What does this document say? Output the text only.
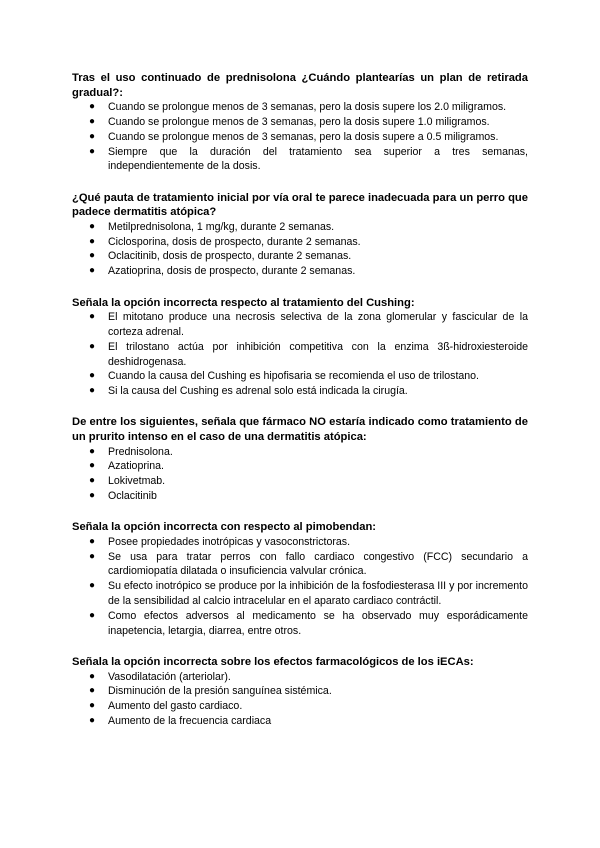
Tras el uso continuado de prednisolona ¿Cuándo plantearías un plan de retirada gradual?:

● Cuando se prolongue menos de 3 semanas, pero la dosis supere los 2.0 miligramos.
● Cuando se prolongue menos de 3 semanas, pero la dosis supere 1.0 miligramos.
● Cuando se prolongue menos de 3 semanas, pero la dosis supere a 0.5 miligramos.
● Siempre que la duración del tratamiento sea superior a tres semanas, independientemente de la dosis.

¿Qué pauta de tratamiento inicial por vía oral te parece inadecuada para un perro que padece dermatitis atópica?

● Metilprednisolona, 1 mg/kg, durante 2 semanas.
● Ciclosporina, dosis de prospecto, durante 2 semanas.
● Oclacitinib, dosis de prospecto, durante 2 semanas.
● Azatioprina, dosis de prospecto, durante 2 semanas.

Señala la opción incorrecta respecto al tratamiento del Cushing:

● El mitotano produce una necrosis selectiva de la zona glomerular y fascicular de la corteza adrenal.
● El trilostano actúa por inhibición competitiva con la enzima 3ß-hidroxiesteroide deshidrogenasa.
● Cuando la causa del Cushing es hipofisaria se recomienda el uso de trilostano.
● Si la causa del Cushing es adrenal solo está indicada la cirugía.

De entre los siguientes, señala que fármaco NO estaría indicado como tratamiento de un prurito intenso en el caso de una dermatitis atópica:

● Prednisolona.
● Azatioprina.
● Lokivetmab.
● Oclacitinib

Señala la opción incorrecta con respecto al pimobendan:

● Posee propiedades inotrópicas y vasoconstrictoras.
● Se usa para tratar perros con fallo cardiaco congestivo (FCC) secundario a cardiomiopatía dilatada o insuficiencia valvular crónica.
● Su efecto inotrópico se produce por la inhibición de la fosfodiesterasa III y por incremento de la sensibilidad al calcio intracelular en el aparato cardiaco contráctil.
● Como efectos adversos al medicamento se ha observado muy esporádicamente inapetencia, letargia, diarrea, entre otros.

Señala la opción incorrecta sobre los efectos farmacológicos de los iECAs:

● Vasodilatación (arteriolar).
● Disminución de la presión sanguínea sistémica.
● Aumento del gasto cardiaco.
● Aumento de la frecuencia cardiaca
